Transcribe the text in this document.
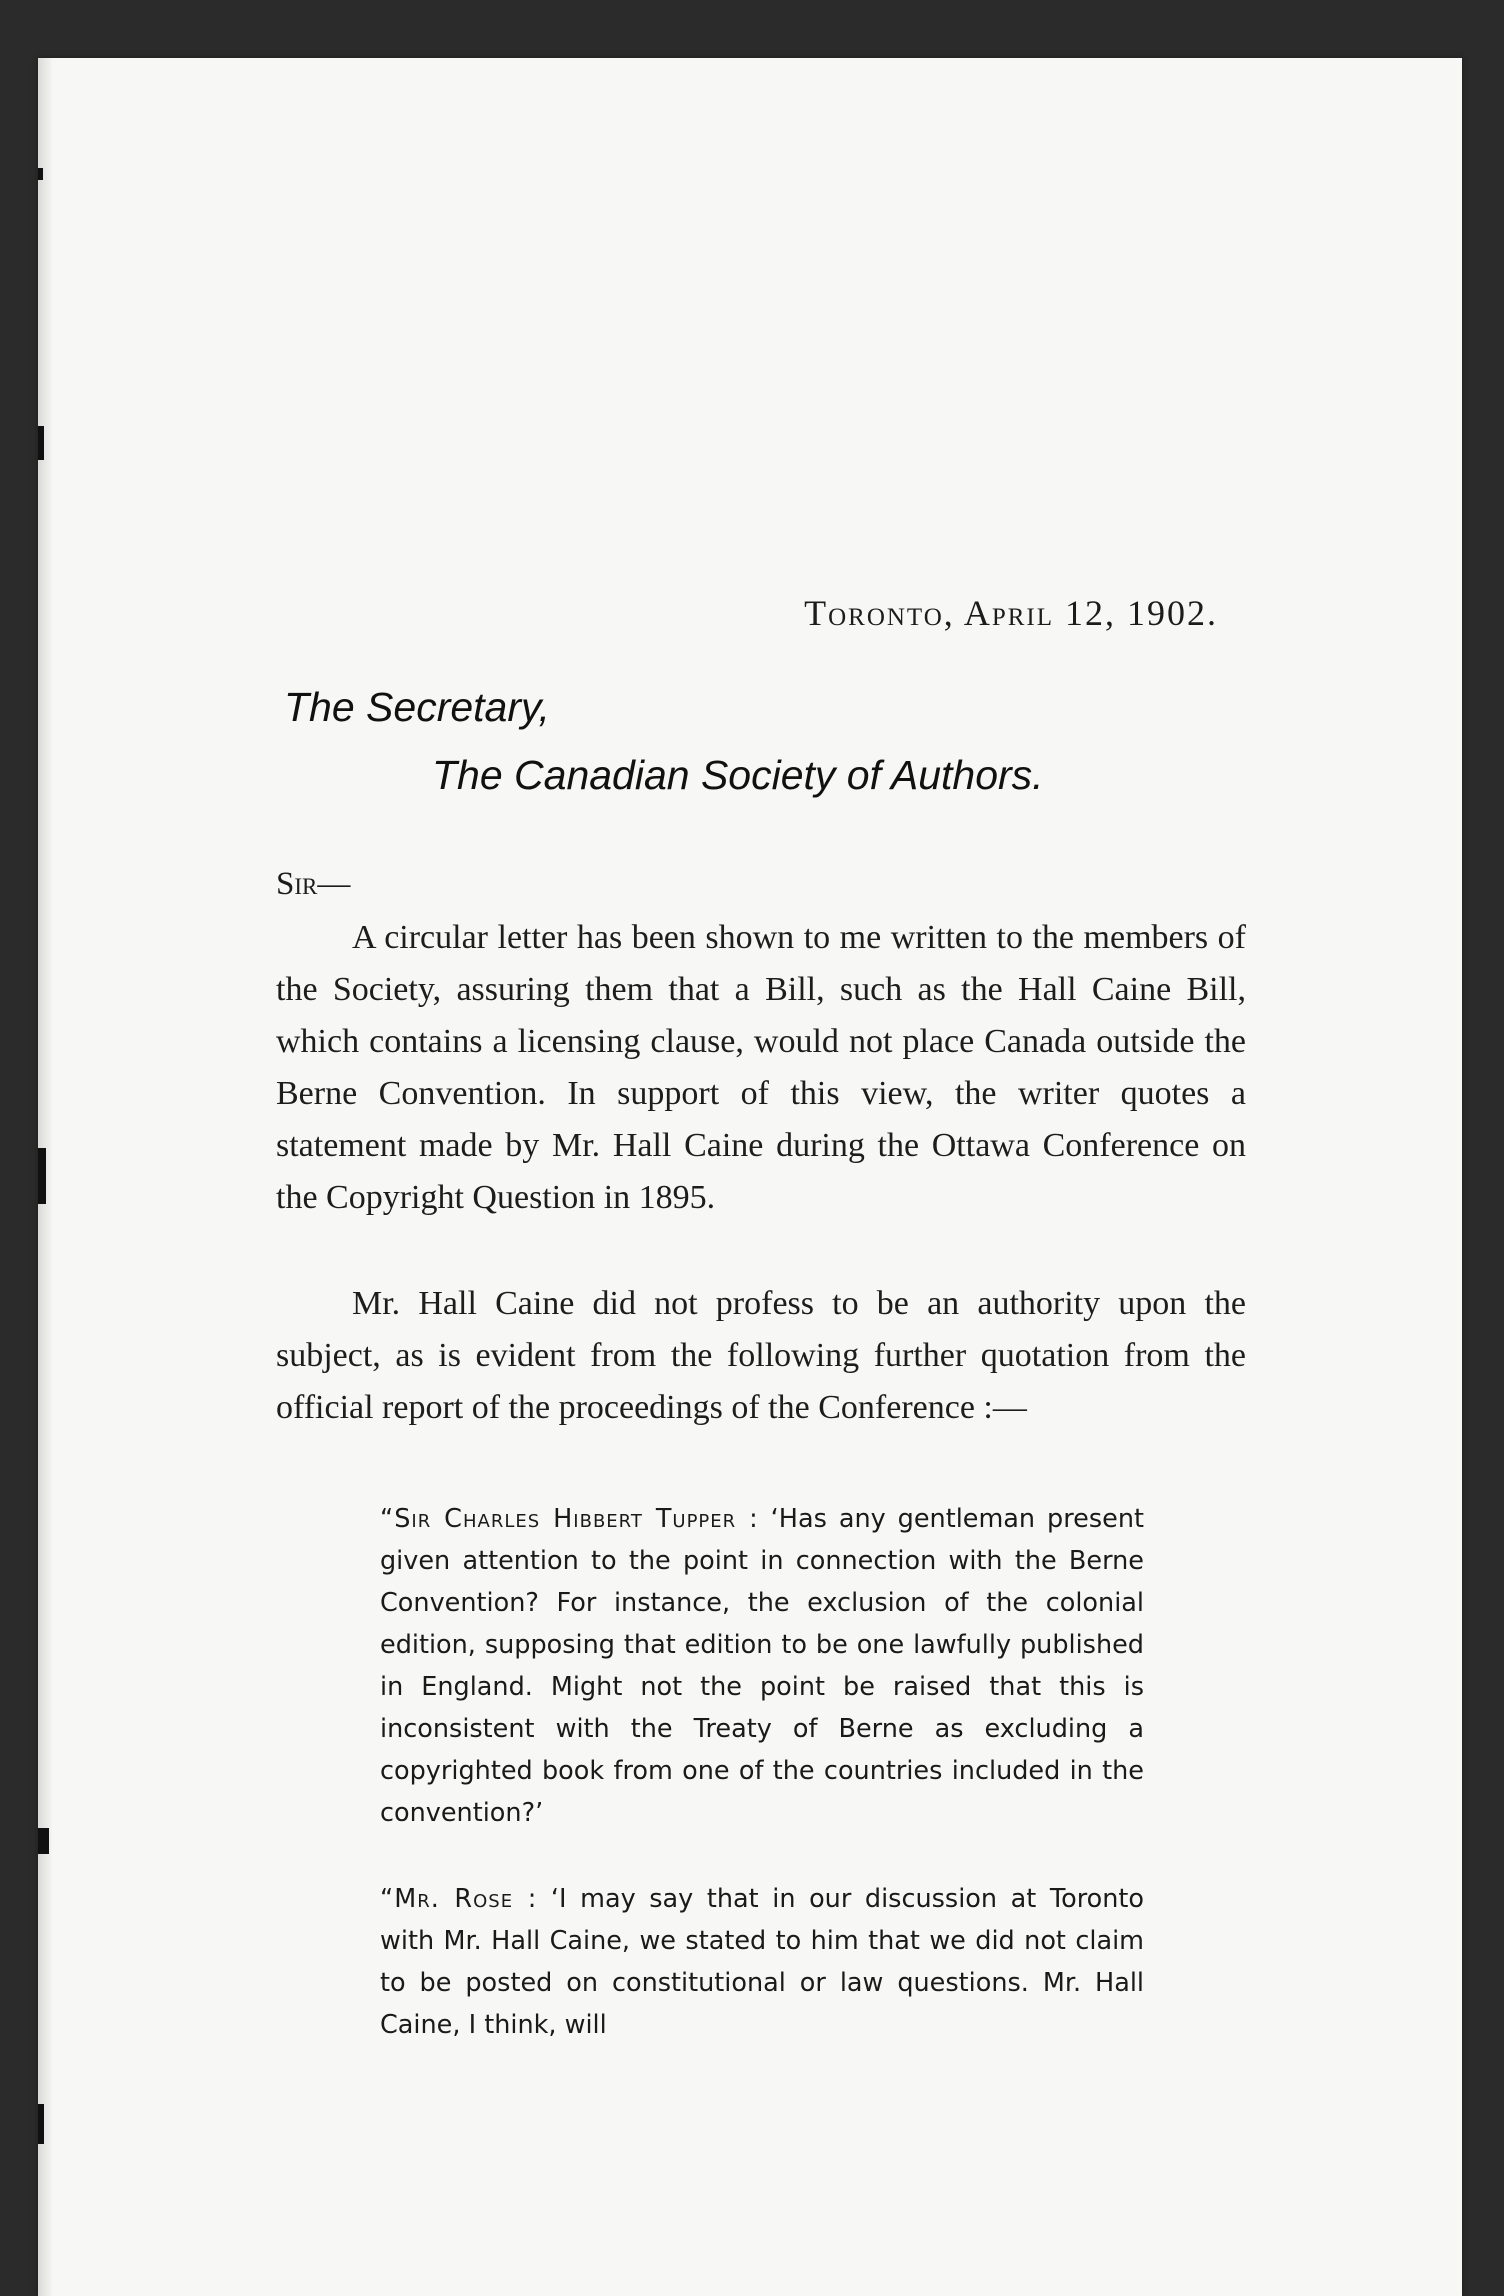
Toronto, April 12, 1902.
The Secretary,
The Canadian Society of Authors.
Sir—

A circular letter has been shown to me written to the members of the Society, assuring them that a Bill, such as the Hall Caine Bill, which contains a licensing clause, would not place Canada outside the Berne Convention. In support of this view, the writer quotes a statement made by Mr. Hall Caine during the Ottawa Conference on the Copyright Question in 1895.

Mr. Hall Caine did not profess to be an authority upon the subject, as is evident from the following further quotation from the official report of the proceedings of the Conference :—

“Sir Charles Hibbert Tupper : ‘Has any gentleman present given attention to the point in connection with the Berne Convention? For instance, the exclusion of the colonial edition, supposing that edition to be one lawfully published in England. Might not the point be raised that this is inconsistent with the Treaty of Berne as excluding a copyrighted book from one of the countries included in the convention?’

“Mr. Rose : ‘I may say that in our discussion at Toronto with Mr. Hall Caine, we stated to him that we did not claim to be posted on constitutional or law questions. Mr. Hall Caine, I think, will
